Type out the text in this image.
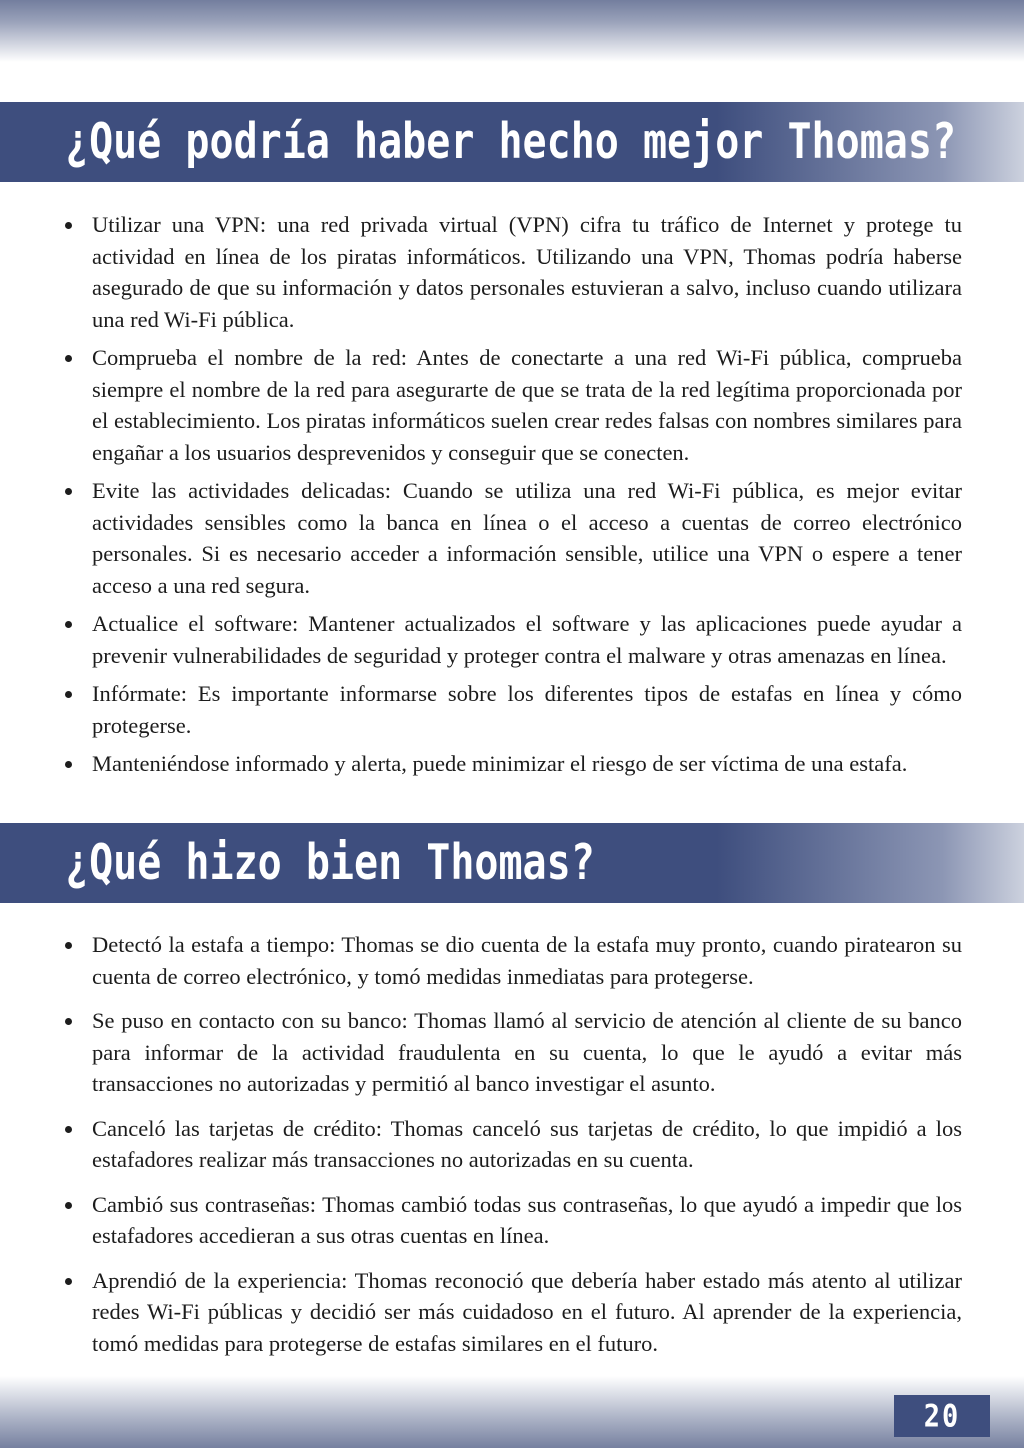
¿Qué podría haber hecho mejor Thomas?

Utilizar una VPN: una red privada virtual (VPN) cifra tu tráfico de Internet y protege tu actividad en línea de los piratas informáticos. Utilizando una VPN, Thomas podría haberse asegurado de que su información y datos personales estuvieran a salvo, incluso cuando utilizara una red Wi-Fi pública.

Comprueba el nombre de la red: Antes de conectarte a una red Wi-Fi pública, comprueba siempre el nombre de la red para asegurarte de que se trata de la red legítima proporcionada por el establecimiento. Los piratas informáticos suelen crear redes falsas con nombres similares para engañar a los usuarios desprevenidos y conseguir que se conecten.

Evite las actividades delicadas: Cuando se utiliza una red Wi-Fi pública, es mejor evitar actividades sensibles como la banca en línea o el acceso a cuentas de correo electrónico personales. Si es necesario acceder a información sensible, utilice una VPN o espere a tener acceso a una red segura.

Actualice el software: Mantener actualizados el software y las aplicaciones puede ayudar a prevenir vulnerabilidades de seguridad y proteger contra el malware y otras amenazas en línea.

Infórmate: Es importante informarse sobre los diferentes tipos de estafas en línea y cómo protegerse.

Manteniéndose informado y alerta, puede minimizar el riesgo de ser víctima de una estafa.

¿Qué hizo bien Thomas?

Detectó la estafa a tiempo: Thomas se dio cuenta de la estafa muy pronto, cuando piratearon su cuenta de correo electrónico, y tomó medidas inmediatas para protegerse.

Se puso en contacto con su banco: Thomas llamó al servicio de atención al cliente de su banco para informar de la actividad fraudulenta en su cuenta, lo que le ayudó a evitar más transacciones no autorizadas y permitió al banco investigar el asunto.

Canceló las tarjetas de crédito: Thomas canceló sus tarjetas de crédito, lo que impidió a los estafadores realizar más transacciones no autorizadas en su cuenta.

Cambió sus contraseñas: Thomas cambió todas sus contraseñas, lo que ayudó a impedir que los estafadores accedieran a sus otras cuentas en línea.

Aprendió de la experiencia: Thomas reconoció que debería haber estado más atento al utilizar redes Wi-Fi públicas y decidió ser más cuidadoso en el futuro. Al aprender de la experiencia, tomó medidas para protegerse de estafas similares en el futuro.

20
